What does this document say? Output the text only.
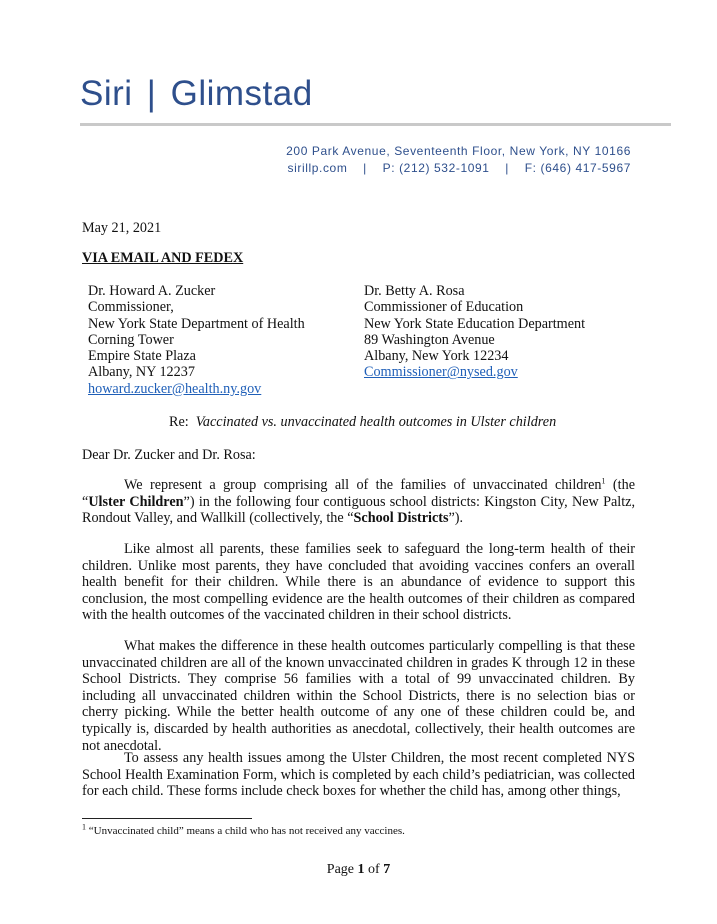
Siri | Glimstad
200 Park Avenue, Seventeenth Floor, New York, NY 10166
sirillp.com    |    P: (212) 532-1091    |    F: (646) 417-5967
May 21, 2021
VIA EMAIL AND FEDEX
Dr. Howard A. Zucker
Commissioner,
New York State Department of Health
Corning Tower
Empire State Plaza
Albany, NY 12237
howard.zucker@health.ny.gov
Dr. Betty A. Rosa
Commissioner of Education
New York State Education Department
89 Washington Avenue
Albany, New York 12234
Commissioner@nysed.gov
Re: Vaccinated vs. unvaccinated health outcomes in Ulster children
Dear Dr. Zucker and Dr. Rosa:
We represent a group comprising all of the families of unvaccinated children$^1$ (the “Ulster Children”) in the following four contiguous school districts: Kingston City, New Paltz, Rondout Valley, and Wallkill (collectively, the “School Districts”).
Like almost all parents, these families seek to safeguard the long-term health of their children. Unlike most parents, they have concluded that avoiding vaccines confers an overall health benefit for their children. While there is an abundance of evidence to support this conclusion, the most compelling evidence are the health outcomes of their children as compared with the health outcomes of the vaccinated children in their school districts.
What makes the difference in these health outcomes particularly compelling is that these unvaccinated children are all of the known unvaccinated children in grades K through 12 in these School Districts. They comprise 56 families with a total of 99 unvaccinated children. By including all unvaccinated children within the School Districts, there is no selection bias or cherry picking. While the better health outcome of any one of these children could be, and typically is, discarded by health authorities as anecdotal, collectively, their health outcomes are not anecdotal.
To assess any health issues among the Ulster Children, the most recent completed NYS School Health Examination Form, which is completed by each child’s pediatrician, was collected for each child. These forms include check boxes for whether the child has, among other things,
$^1$ “Unvaccinated child” means a child who has not received any vaccines.
Page 1 of 7
